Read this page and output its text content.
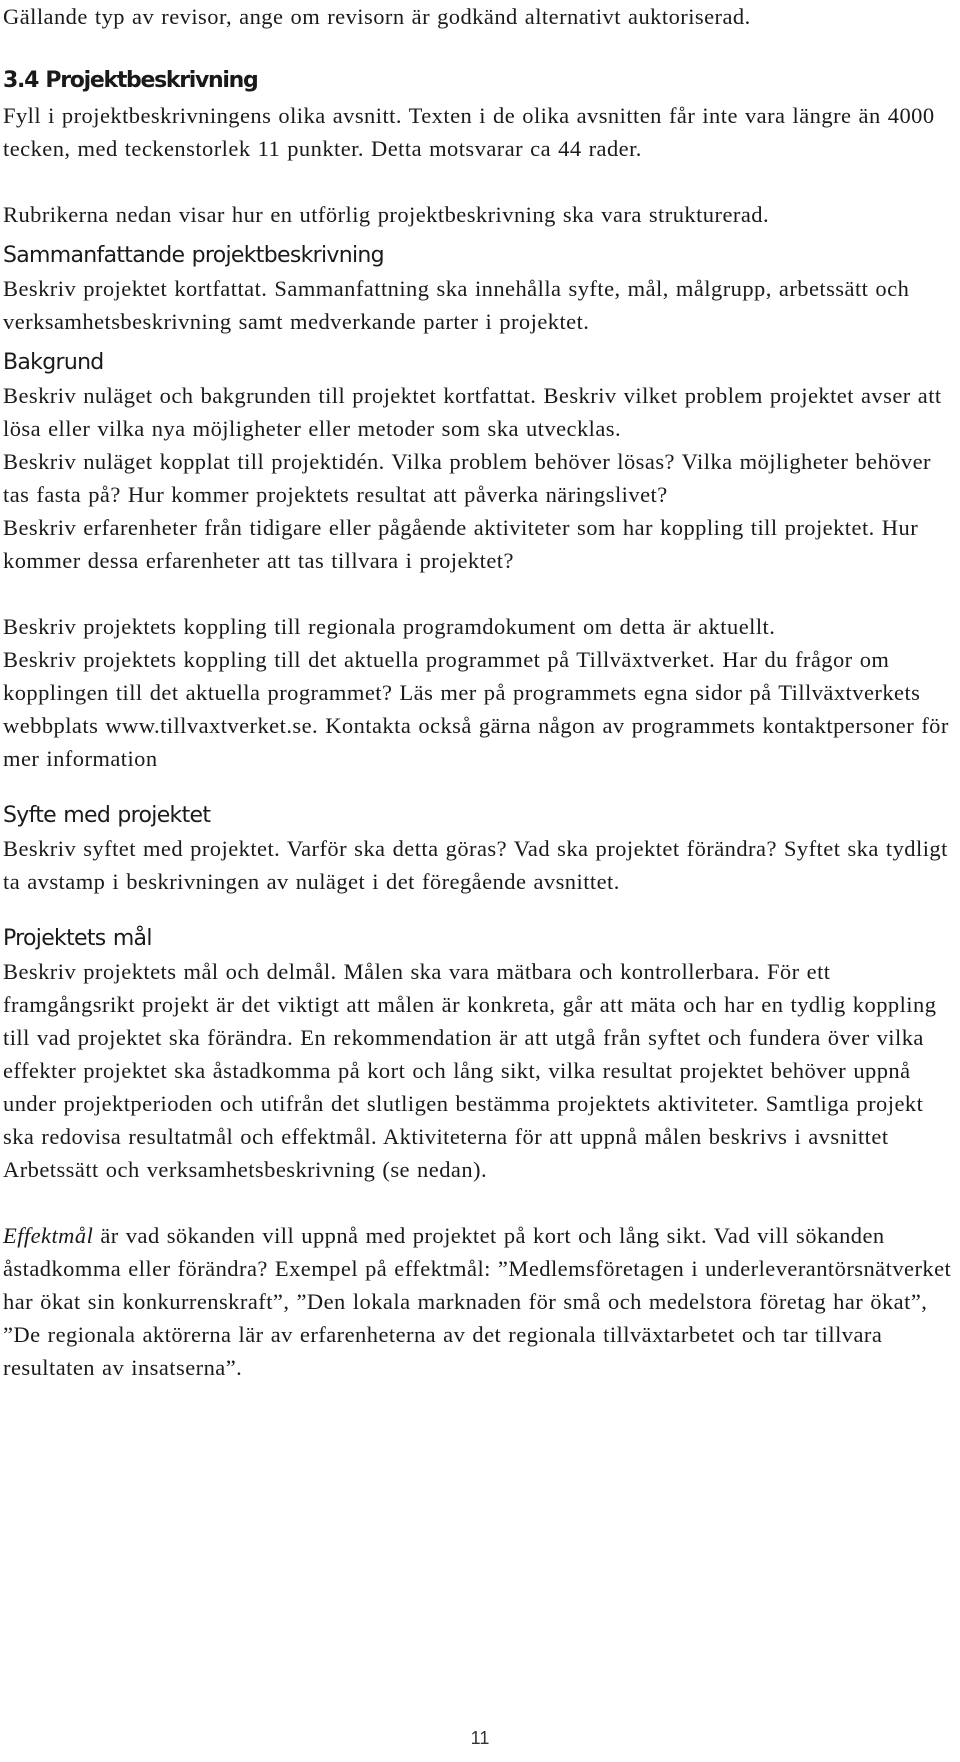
Gällande typ av revisor, ange om revisorn är godkänd alternativt auktoriserad.

3.4 Projektbeskrivning

Fyll i projektbeskrivningens olika avsnitt. Texten i de olika avsnitten får inte vara längre än 4000 tecken, med teckenstorlek 11 punkter. Detta motsvarar ca 44 rader.

Rubrikerna nedan visar hur en utförlig projektbeskrivning ska vara strukturerad.

Sammanfattande projektbeskrivning

Beskriv projektet kortfattat. Sammanfattning ska innehålla syfte, mål, målgrupp, arbetssätt och verksamhetsbeskrivning samt medverkande parter i projektet.

Bakgrund

Beskriv nuläget och bakgrunden till projektet kortfattat. Beskriv vilket problem projektet avser att lösa eller vilka nya möjligheter eller metoder som ska utvecklas.

Beskriv nuläget kopplat till projektidén. Vilka problem behöver lösas? Vilka möjligheter behöver tas fasta på? Hur kommer projektets resultat att påverka näringslivet?

Beskriv erfarenheter från tidigare eller pågående aktiviteter som har koppling till projektet. Hur kommer dessa erfarenheter att tas tillvara i projektet?

Beskriv projektets koppling till regionala programdokument om detta är aktuellt.

Beskriv projektets koppling till det aktuella programmet på Tillväxtverket. Har du frågor om kopplingen till det aktuella programmet? Läs mer på programmets egna sidor på Tillväxtverkets webbplats www.tillvaxtverket.se. Kontakta också gärna någon av programmets kontaktpersoner för mer information

Syfte med projektet

Beskriv syftet med projektet. Varför ska detta göras? Vad ska projektet förändra? Syftet ska tydligt ta avstamp i beskrivningen av nuläget i det föregående avsnittet.

Projektets mål

Beskriv projektets mål och delmål. Målen ska vara mätbara och kontrollerbara. För ett framgångsrikt projekt är det viktigt att målen är konkreta, går att mäta och har en tydlig koppling till vad projektet ska förändra. En rekommendation är att utgå från syftet och fundera över vilka effekter projektet ska åstadkomma på kort och lång sikt, vilka resultat projektet behöver uppnå under projektperioden och utifrån det slutligen bestämma projektets aktiviteter. Samtliga projekt ska redovisa resultatmål och effektmål. Aktiviteterna för att uppnå målen beskrivs i avsnittet Arbetssätt och verksamhetsbeskrivning (se nedan).

Effektmål är vad sökanden vill uppnå med projektet på kort och lång sikt. Vad vill sökanden åstadkomma eller förändra? Exempel på effektmål: ”Medlemsföretagen i underleverantörsnätverket har ökat sin konkurrenskraft”, ”Den lokala marknaden för små och medelstora företag har ökat”, ”De regionala aktörerna lär av erfarenheterna av det regionala tillväxtarbetet och tar tillvara resultaten av insatserna”.

11
